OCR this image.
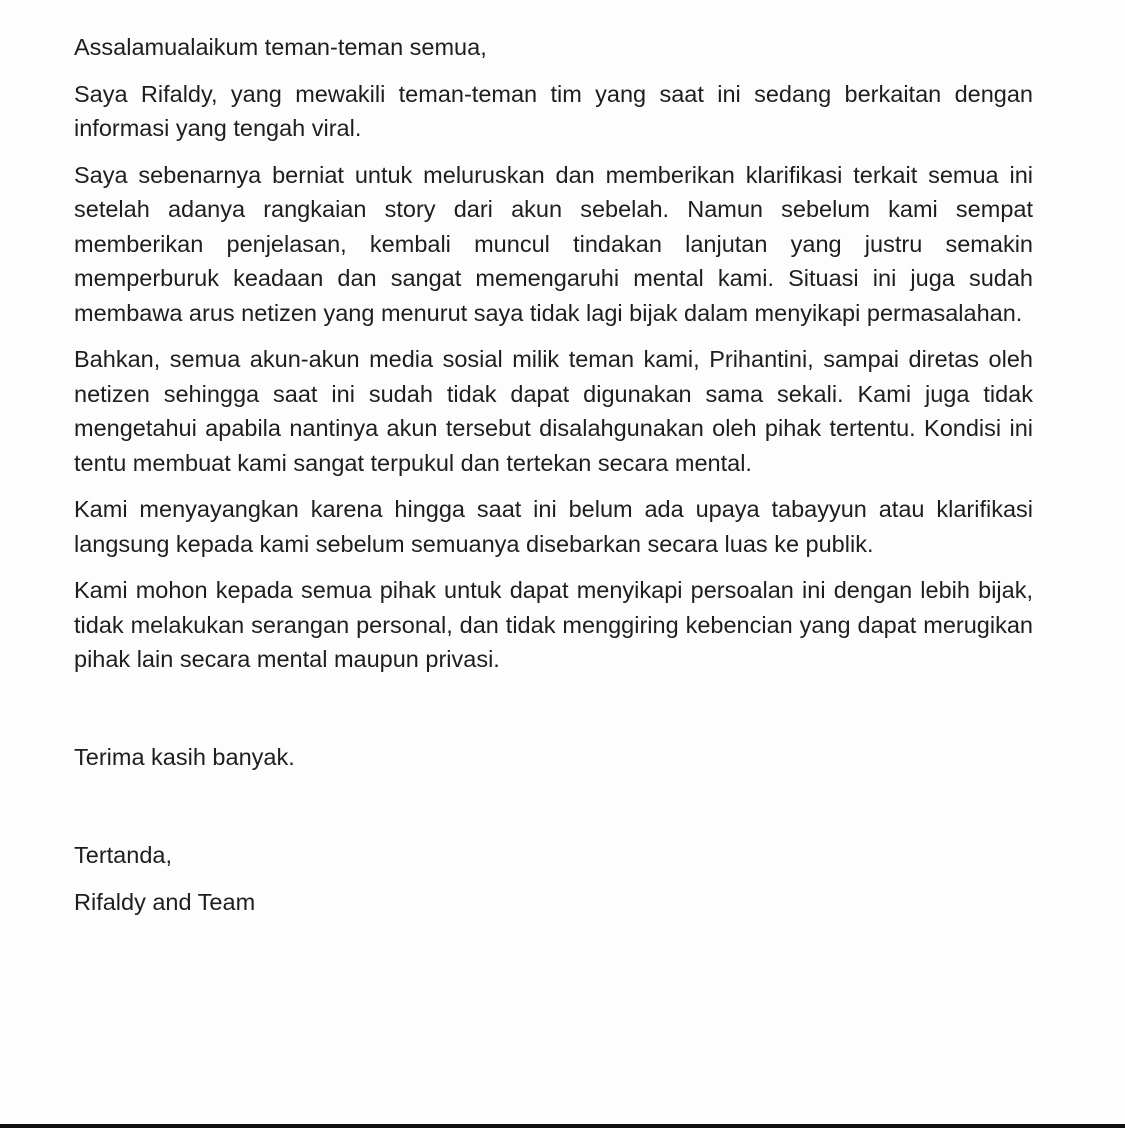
Assalamualaikum teman-teman semua,

Saya Rifaldy, yang mewakili teman-teman tim yang saat ini sedang berkaitan dengan informasi yang tengah viral.

Saya sebenarnya berniat untuk meluruskan dan memberikan klarifikasi terkait semua ini setelah adanya rangkaian story dari akun sebelah. Namun sebelum kami sempat memberikan penjelasan, kembali muncul tindakan lanjutan yang justru semakin memperburuk keadaan dan sangat memengaruhi mental kami. Situasi ini juga sudah membawa arus netizen yang menurut saya tidak lagi bijak dalam menyikapi permasalahan.

Bahkan, semua akun-akun media sosial milik teman kami, Prihantini, sampai diretas oleh netizen sehingga saat ini sudah tidak dapat digunakan sama sekali. Kami juga tidak mengetahui apabila nantinya akun tersebut disalahgunakan oleh pihak tertentu. Kondisi ini tentu membuat kami sangat terpukul dan tertekan secara mental.

Kami menyayangkan karena hingga saat ini belum ada upaya tabayyun atau klarifikasi langsung kepada kami sebelum semuanya disebarkan secara luas ke publik.

Kami mohon kepada semua pihak untuk dapat menyikapi persoalan ini dengan lebih bijak, tidak melakukan serangan personal, dan tidak menggiring kebencian yang dapat merugikan pihak lain secara mental maupun privasi.

Terima kasih banyak.

Tertanda,

Rifaldy and Team
